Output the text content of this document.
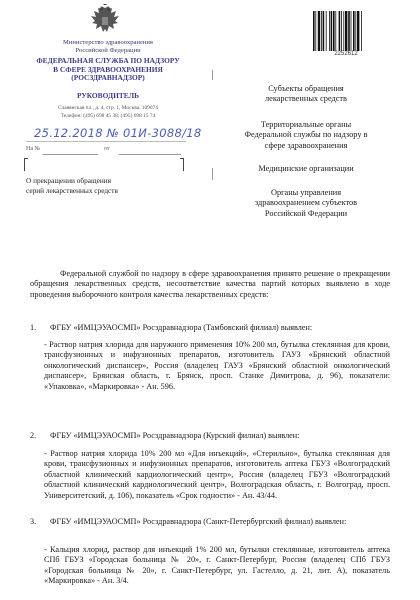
Министерство здравоохранения
Российской Федерации
ФЕДЕРАЛЬНАЯ СЛУЖБА ПО НАДЗОРУ
В СФЕРЕ ЗДРАВООХРАНЕНИЯ
(РОСЗДРАВНАДЗОР)
РУКОВОДИТЕЛЬ
Славянская пл., д. 4, стр. 1, Москва, 109074
Телефон: (495) 698 45 38; (495) 698 15 74
25.12.2018 № 01И-3088/18
На №	от
О прекращении обращения
серий лекарственных средств
2252612
Субъекты обращения
лекарственных средств
Территориальные органы
Федеральной службы по надзору в
сфере здравоохранения
Медицинские организации
Органы управления
здравоохранением субъектов
Российской Федерации
Федеральной службой по надзору в сфере здравоохранения принято решение о прекращении обращения лекарственных средств, несоответствие качества партий которых выявлено в ходе проведения выборочного контроля качества лекарственных средств:
1. ФГБУ «ИМЦЭУАОСМП» Росздравнадзора (Тамбовский филиал) выявлен:
- Раствор натрия хлорида для наружного применения 10% 200 мл, бутылка стеклянная для крови, трансфузионных и инфузионных препаратов, изготовитель ГАУЗ «Брянский областной онкологический диспансер», Россия (владелец ГАУЗ «Брянский областной онкологический диспансер», Брянская область, г. Брянск, просп. Станке Димитрова, д. 96), показатели: «Упаковка», «Маркировка» - Ан. 596.
2. ФГБУ «ИМЦЭУАОСМП» Росздравнадзора (Курский филиал) выявлен:
- Раствор натрия хлорида 10% 200 мл «Для инъекций», «Стерильно», бутылка стеклянная для крови, трансфузионных и инфузионных препаратов, изготовитель аптека ГБУЗ «Волгоградский областной клинический кардиологический центр», Россия (владелец ГБУЗ «Волгоградский областной клинический кардиологический центр», Волгоградская область, г. Волгоград, просп. Университетский, д. 106), показатель «Срок годности» - Ан. 43/44.
3. ФГБУ «ИМЦЭУАОСМП» Росздравнадзора (Санкт-Петербургский филиал) выявлен:
- Кальция хлорид, раствор для инъекций 1% 200 мл, бутылки стеклянные, изготовитель аптека СПб ГБУЗ «Городская больница № 20», г. Санкт-Петербург, Россия (владелец СПб ГБУЗ «Городская больница № 20», г. Санкт-Петербург, ул. Гастелло, д. 21, лит. А), показатель «Маркировка» - Ан. 3/4.
